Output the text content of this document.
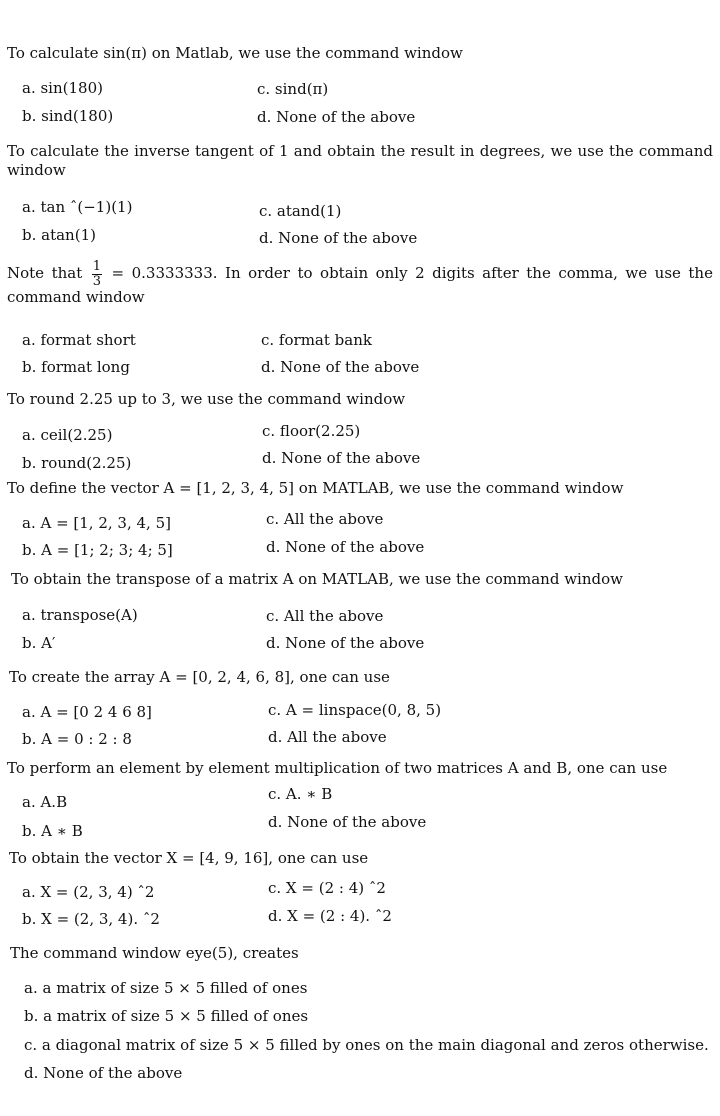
To calculate sin(π) on Matlab, we use the command window
a. sin(180)
b. sind(180)
c. sind(π)
d. None of the above
To calculate the inverse tangent of 1 and obtain the result in degrees, we use the command window
a. tan ˆ(−1)(1)
b. atan(1)
c. atand(1)
d. None of the above
Note that $\frac{1}{3} = 0.3333333$. In order to obtain only 2 digits after the comma, we use the command window
a. format short
b. format long
c. format bank
d. None of the above
To round 2.25 up to 3, we use the command window
a. ceil(2.25)
b. round(2.25)
c. floor(2.25)
d. None of the above
To define the vector A = [1, 2, 3, 4, 5] on MATLAB, we use the command window
a. A = [1, 2, 3, 4, 5]
b. A = [1; 2; 3; 4; 5]
c. All the above
d. None of the above
To obtain the transpose of a matrix A on MATLAB, we use the command window
a. transpose(A)
b. A′
c. All the above
d. None of the above
To create the array A = [0, 2, 4, 6, 8], one can use
a. A = [0 2 4 6 8]
b. A = 0 : 2 : 8
c. A = linspace(0, 8, 5)
d. All the above
To perform an element by element multiplication of two matrices A and B, one can use
a. A.B
b. A ∗ B
c. A. ∗ B
d. None of the above
To obtain the vector X = [4, 9, 16], one can use
a. X = (2, 3, 4) ˆ2
b. X = (2, 3, 4). ˆ2
c. X = (2 : 4) ˆ2
d. X = (2 : 4). ˆ2
The command window eye(5), creates
a. a matrix of size 5 × 5 filled of ones
b. a matrix of size 5 × 5 filled of ones
c. a diagonal matrix of size 5 × 5 filled by ones on the main diagonal and zeros otherwise.
d. None of the above
